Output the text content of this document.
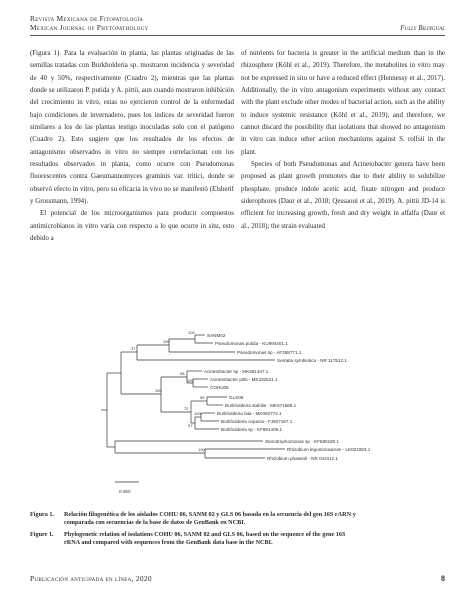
Revista Mexicana de Fitopatología
Mexican Journal of Phytopathology	Fully Bilingual

(Figura 1). Para la evaluación in planta, las plantas originadas de las semillas tratadas con Burkholderia sp. mostraron incidencia y severidad de 40 y 50%, respectivamente (Cuadro 2), mientras que las plantas donde se utilizaron P. putida y A. pittii, aun cuando mostraron inhibición del crecimiento in vitro, estas no ejercieron control de la enfermedad bajo condiciones de invernadero, pues los índices de severidad fueron similares a los de las plantas testigo inoculadas solo con el patógeno (Cuadro 2). Esto sugiere que los resultados de los efectos de antagonismo observados in vitro no siempre correlacionan con los resultados observados in planta, como ocurre con Pseudomonas fluorescentes contra Gaeumannomyces graminis var. tritici, donde se observó efecto in vitro, pero su eficacia in vivo no se manifestó (Elsherif y Grossmann, 1994).

El potencial de los microorganismos para producir compuestos antimicrobianos in vitro varía con respecto a lo que ocurre in situ, esto debido a

of nutrients for bacteria is greater in the artificial medium than in the rhizosphere (Köhl et al., 2019). Therefore, the metabolites in vitro may not be expressed in situ or have a reduced effect (Hennessy et al., 2017). Additionally, the in vitro antagonism experiments without any contact with the plant exclude other modes of bacterial action, such as the ability to induce systemic resistance (Köhl et al., 2019), and therefore, we cannot discard the possibility that isolations that showed no antagonism in vitro can induce other action mechanisms against S. rolfsii in the plant.

Species of both Pseudomonas and Acinetobacter genera have been proposed as plant growth promoters due to their ability to solubilize phosphate, produce indole acetic acid, fixate nitrogen and produce siderophores (Daur et al., 2018; Qessaoui et al., 2019). A. pittii JD-14 is efficient for increasing growth, fresh and dry weight in alfalfa (Daur et al., 2018); the strain evaluated

SANM02
Pseudomonas putida - KU994401.1
Pseudomonas sp - AF268771.1
Serratia symbiotica - NR 117512.1
Acinetobacter sp - MK681347.1
Acinetobacter pittii - MK332521.1
COHU06
GLS06
Burkholderia stabilis - MK571688.1
Burkholderia lata - MK092772.1
Burkholderia cepacia - FJ607187.1
Burkholderia sp - KF891406.1
Stenotrophomonas sp - KF680180.1
Rhizobium leguminosarum - LK021083.1
Rhizobium phaseoli - NR 044112.1
100
100
37
100
98
99
100
97
72
100
100
0.050
Figura 1. Relación filogenética de los aislados COHU 06, SANM 02 y GLS 06 basada en la secuencia del gen 16S rARN y
comparada con secuencias de la base de datos de GenBank en NCBI.
Figure 1. Phylogenetic relation of isolations COHU 06, SANM 02 and GLS 06, based on the sequence of the gene 16S
rRNA and compared with sequences from the GenBank data base in the NCBI.
Publicación anticipada en línea, 2020	8
